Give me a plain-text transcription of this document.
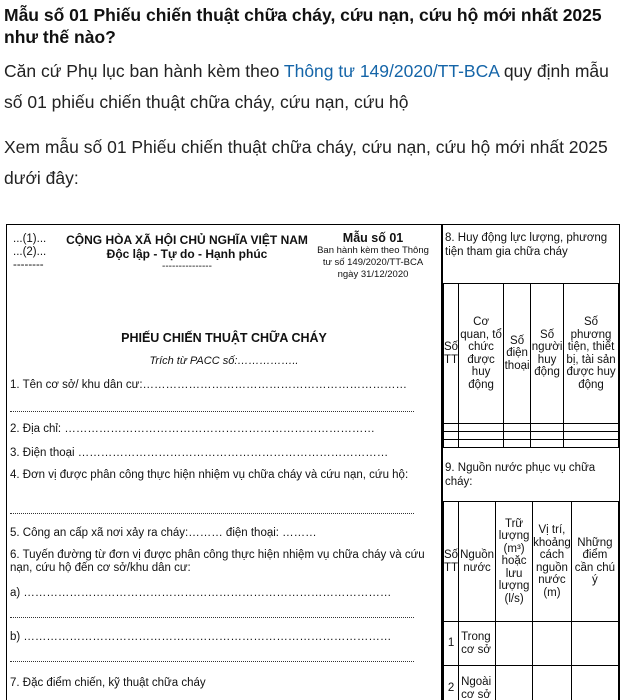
Mẫu số 01 Phiếu chiến thuật chữa cháy, cứu nạn, cứu hộ mới nhất 2025 như thế nào?

Căn cứ Phụ lục ban hành kèm theo Thông tư 149/2020/TT-BCA quy định mẫu số 01 phiếu chiến thuật chữa cháy, cứu nạn, cứu hộ

Xem mẫu số 01 Phiếu chiến thuật chữa cháy, cứu nạn, cứu hộ mới nhất 2025 dưới đây:

...(1)...
...(2)...
--------
CỘNG HÒA XÃ HỘI CHỦ NGHĨA VIỆT NAM
Độc lập - Tự do - Hạnh phúc
---------------
Mẫu số 01
Ban hành kèm theo Thông
tư số 149/2020/TT-BCA
ngày 31/12/2020
PHIẾU CHIẾN THUẬT CHỮA CHÁY
Trích từ PACC số:……………..
1. Tên cơ sở/ khu dân cư:……………………………………………………………
2. Địa chỉ: ………………………………………………………………………
3. Điện thoại ………………………………………………………………………
4. Đơn vị được phân công thực hiện nhiệm vụ chữa cháy và cứu nạn, cứu hộ:
5. Công an cấp xã nơi xảy ra cháy:……… điện thoại: ………
6. Tuyến đường từ đơn vị được phân công thực hiện nhiệm vụ chữa cháy và cứu nạn, cứu hộ đến cơ sở/khu dân cư:
a) ……………………………………………………………………………………
b) ……………………………………………………………………………………
7. Đặc điểm chiến, kỹ thuật chữa cháy
8. Huy động lực lượng, phương tiện tham gia chữa cháy
Số TT	Cơ quan, tổ chức được huy động	Số điện thoại	Số người huy động	Số phương tiện, thiết bị, tài sản được huy động

9. Nguồn nước phục vụ chữa cháy:
Số TT	Nguồn nước	Trữ lượng (m³) hoặc lưu lượng (l/s)	Vị trí, khoảng cách nguồn nước (m)	Những điểm cần chú ý
1	Trong cơ sở			
2	Ngoài cơ sở			
